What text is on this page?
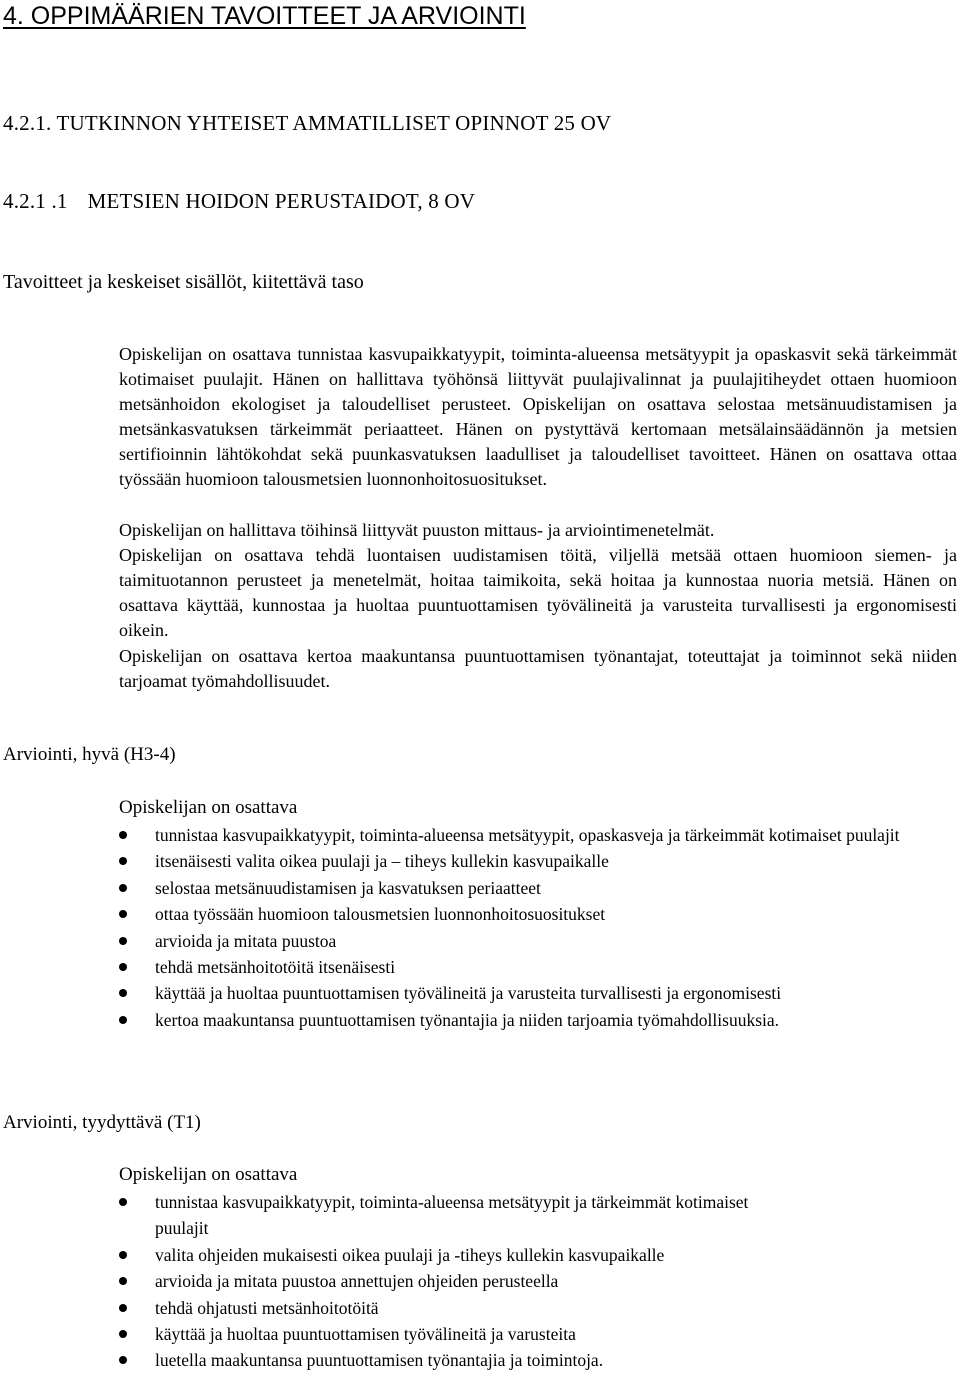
4. OPPIMÄÄRIEN TAVOITTEET JA ARVIOINTI
4.2.1. TUTKINNON YHTEISET AMMATILLISET OPINNOT 25 OV
4.2.1 .1 METSIEN HOIDON PERUSTAIDOT, 8 OV
Tavoitteet ja keskeiset sisällöt, kiitettävä taso
Opiskelijan on osattava tunnistaa kasvupaikkatyypit, toiminta-alueensa metsätyypit ja opaskasvit sekä tärkeimmät kotimaiset puulajit. Hänen on hallittava työhönsä liittyvät puulajivalinnat ja puulajitiheydet ottaen huomioon metsänhoidon ekologiset ja taloudelliset perusteet. Opiskelijan on osattava selostaa metsänuudistamisen ja metsänkasvatuksen tärkeimmät periaatteet. Hänen on pystyttävä kertomaan metsälainsäädännön ja metsien sertifioinnin lähtökohdat sekä puunkasvatuksen laadulliset ja taloudelliset tavoitteet. Hänen on osattava ottaa työssään huomioon talousmetsien luonnonhoitosuositukset.
Opiskelijan on hallittava töihinsä liittyvät puuston mittaus- ja arviointimenetelmät.
Opiskelijan on osattava tehdä luontaisen uudistamisen töitä, viljellä metsää ottaen huomioon siemen- ja taimituotannon perusteet ja menetelmät, hoitaa taimikoita, sekä hoitaa ja kunnostaa nuoria metsiä. Hänen on osattava käyttää, kunnostaa ja huoltaa puuntuottamisen työvälineitä ja varusteita turvallisesti ja ergonomisesti oikein.
Opiskelijan on osattava kertoa maakuntansa puuntuottamisen työnantajat, toteuttajat ja toiminnot sekä niiden tarjoamat työmahdollisuudet.
Arviointi, hyvä (H3-4)
Opiskelijan on osattava
tunnistaa kasvupaikkatyypit, toiminta-alueensa metsätyypit, opaskasveja ja tärkeimmät kotimaiset puulajit
itsenäisesti valita oikea puulaji ja – tiheys kullekin kasvupaikalle
selostaa metsänuudistamisen ja kasvatuksen periaatteet
ottaa työssään huomioon talousmetsien luonnonhoitosuositukset
arvioida ja mitata puustoa
tehdä metsänhoitotöitä itsenäisesti
käyttää ja huoltaa puuntuottamisen työvälineitä ja varusteita turvallisesti ja ergonomisesti
kertoa maakuntansa puuntuottamisen työnantajia ja niiden tarjoamia työmahdollisuuksia.
Arviointi, tyydyttävä (T1)
Opiskelijan on osattava
tunnistaa kasvupaikkatyypit, toiminta-alueensa metsätyypit ja tärkeimmät kotimaiset puulajit
valita ohjeiden mukaisesti oikea puulaji ja -tiheys kullekin kasvupaikalle
arvioida ja mitata puustoa annettujen ohjeiden perusteella
tehdä ohjatusti metsänhoitotöitä
käyttää ja huoltaa puuntuottamisen työvälineitä ja varusteita
luetella maakuntansa puuntuottamisen työnantajia ja toimintoja.
